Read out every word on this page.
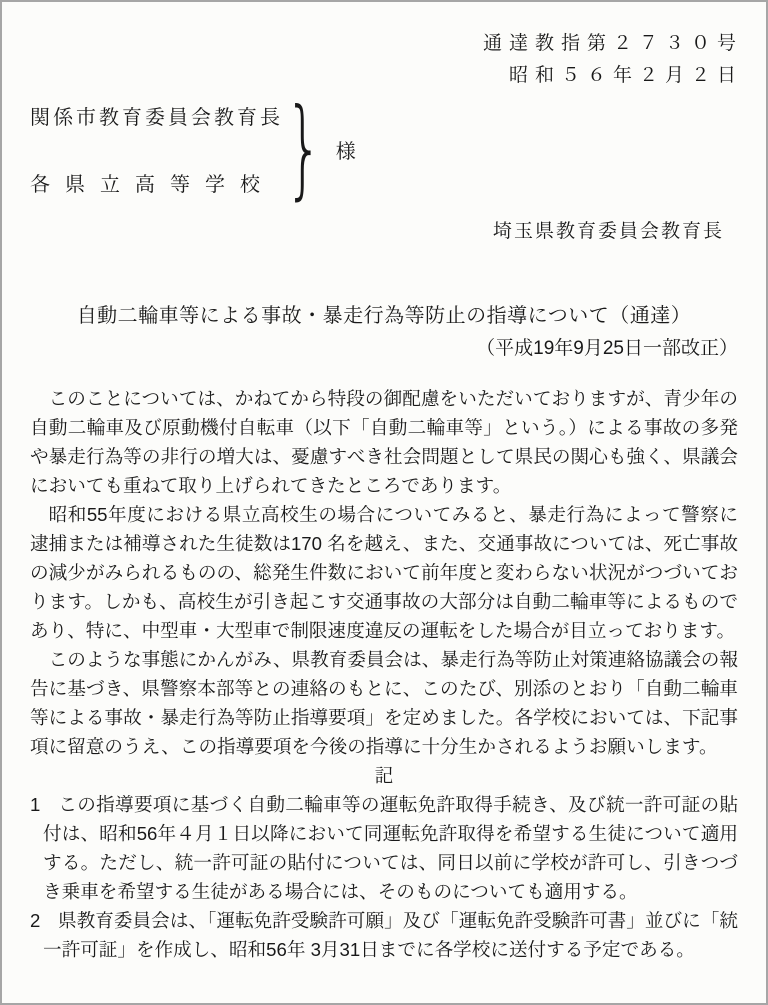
通達教指第２７３０号
昭和５６年２月２日
関係市教育委員会教育長
各県立高等学校 } 様
埼玉県教育委員会教育長
自動二輪車等による事故・暴走行為等防止の指導について（通達）
（平成19年9月25日一部改正）

このことについては、かねてから特段の御配慮をいただいておりますが、青少年の自動二輪車及び原動機付自転車（以下「自動二輪車等」という。）による事故の多発や暴走行為等の非行の増大は、憂慮すべき社会問題として県民の関心も強く、県議会においても重ねて取り上げられてきたところであります。

昭和55年度における県立高校生の場合についてみると、暴走行為によって警察に逮捕または補導された生徒数は170 名を越え、また、交通事故については、死亡事故の減少がみられるものの、総発生件数において前年度と変わらない状況がつづいております。しかも、高校生が引き起こす交通事故の大部分は自動二輪車等によるものであり、特に、中型車・大型車で制限速度違反の運転をした場合が目立っております。

このような事態にかんがみ、県教育委員会は、暴走行為等防止対策連絡協議会の報告に基づき、県警察本部等との連絡のもとに、このたび、別添のとおり「自動二輪車等による事故・暴走行為等防止指導要項」を定めました。各学校においては、下記事項に留意のうえ、この指導要項を今後の指導に十分生かされるようお願いします。

記

1 この指導要項に基づく自動二輪車等の運転免許取得手続き、及び統一許可証の貼付は、昭和56年４月１日以降において同運転免許取得を希望する生徒について適用する。ただし、統一許可証の貼付については、同日以前に学校が許可し、引きつづき乗車を希望する生徒がある場合には、そのものについても適用する。

2 県教育委員会は、「運転免許受験許可願」及び「運転免許受験許可書」並びに「統一許可証」を作成し、昭和56年 3月31日までに各学校に送付する予定である。
